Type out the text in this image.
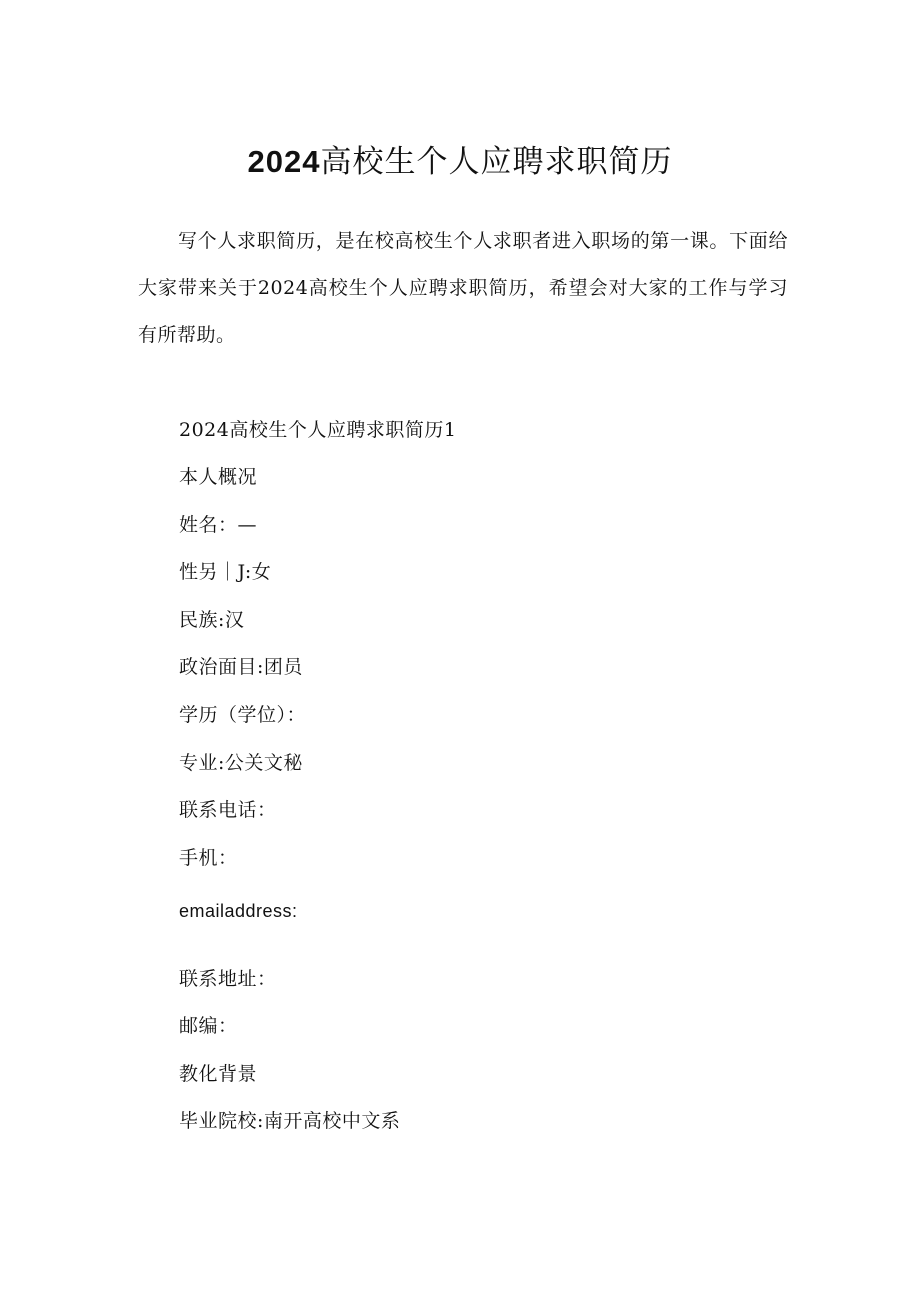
2024高校生个人应聘求职简历

写个人求职简历，是在校高校生个人求职者进入职场的第一课。下面给大家带来关于2024高校生个人应聘求职简历，希望会对大家的工作与学习有所帮助。

2024高校生个人应聘求职简历1

本人概况

姓名：—

性另｜J:女

民族:汉

政治面目:团员

学历（学位）：

专业:公关文秘

联系电话：

手机：

emailaddress:

联系地址：

邮编：

教化背景

毕业院校:南开高校中文系
